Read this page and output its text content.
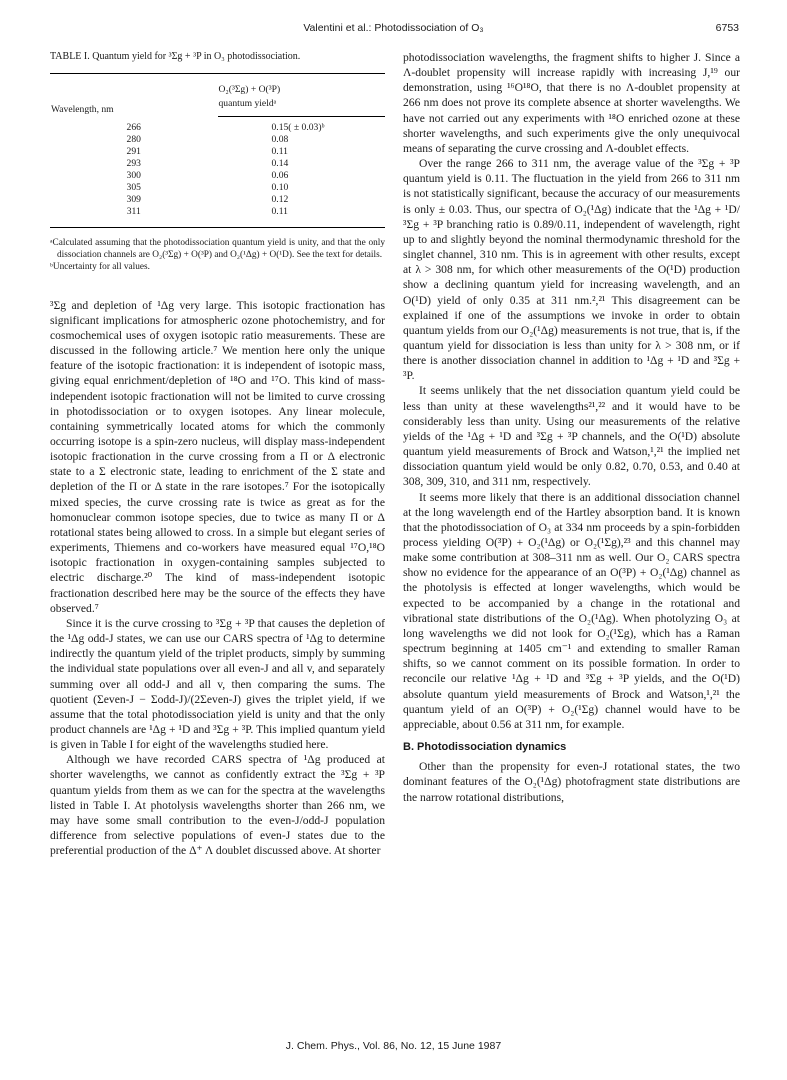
Valentini et al.: Photodissociation of O₃	6753
TABLE I. Quantum yield for ³Σg + ³P in O₃ photodissociation.
Wavelength, nm	O₂(³Σg) + O(³P)
	quantum yieldᵃ
266	0.15( ± 0.03)ᵇ
280	0.08
291	0.11
293	0.14
300	0.06
305	0.10
309	0.12
311	0.11
ᵃCalculated assuming that the photodissociation quantum yield is unity, and that the only dissociation channels are O₂(³Σg) + O(³P) and O₂(¹Δg) + O(¹D). See the text for details.
ᵇUncertainty for all values.

³Σg and depletion of ¹Δg very large. This isotopic fractionation has significant implications for atmospheric ozone photochemistry, and for cosmochemical uses of oxygen isotopic ratio measurements. These are discussed in the following article.⁷ We mention here only the unique feature of the isotopic fractionation: it is independent of isotopic mass, giving equal enrichment/depletion of ¹⁸O and ¹⁷O. This kind of mass-independent isotopic fractionation will not be limited to curve crossing in photodissociation or to oxygen isotopes. Any linear molecule, containing symmetrically located atoms for which the commonly occurring isotope is a spin-zero nucleus, will display mass-independent isotopic fractionation in the curve crossing from a Π or Δ electronic state to a Σ electronic state, leading to enrichment of the Σ state and depletion of the Π or Δ state in the rare isotopes.⁷ For the isotopically mixed species, the curve crossing rate is twice as great as for the homonuclear common isotope species, due to twice as many Π or Δ rotational states being allowed to cross. In a simple but elegant series of experiments, Thiemens and co-workers have measured equal ¹⁷O,¹⁸O isotopic fractionation in oxygen-containing samples subjected to electric discharge.²⁰ The kind of mass-independent isotopic fractionation described here may be the source of the effects they have observed.⁷

Since it is the curve crossing to ³Σg + ³P that causes the depletion of the ¹Δg odd-J states, we can use our CARS spectra of ¹Δg to determine indirectly the quantum yield of the triplet products, simply by summing the individual state populations over all even-J and all v, and separately summing over all odd-J and all v, then comparing the sums. The quotient (Σeven-J − Σodd-J)/(2Σeven-J) gives the triplet yield, if we assume that the total photodissociation yield is unity and that the only product channels are ¹Δg + ¹D and ³Σg + ³P. This implied quantum yield is given in Table I for eight of the wavelengths studied here.

Although we have recorded CARS spectra of ¹Δg produced at shorter wavelengths, we cannot as confidently extract the ³Σg + ³P quantum yields from them as we can for the spectra at the wavelengths listed in Table I. At photolysis wavelengths shorter than 266 nm, we may have some small contribution to the even-J/odd-J population difference from selective populations of even-J states due to the preferential production of the Δ⁺ Λ doublet discussed above. At shorter

photodissociation wavelengths, the fragment shifts to higher J. Since a Λ-doublet propensity will increase rapidly with increasing J,¹⁹ our demonstration, using ¹⁶O¹⁸O, that there is no Λ-doublet propensity at 266 nm does not prove its complete absence at shorter wavelengths. We have not carried out any experiments with ¹⁸O enriched ozone at these shorter wavelengths, and such experiments give the only unequivocal means of separating the curve crossing and Λ-doublet effects.

Over the range 266 to 311 nm, the average value of the ³Σg + ³P quantum yield is 0.11. The fluctuation in the yield from 266 to 311 nm is not statistically significant, because the accuracy of our measurements is only ± 0.03. Thus, our spectra of O₂(¹Δg) indicate that the ¹Δg + ¹D/³Σg + ³P branching ratio is 0.89/0.11, independent of wavelength, right up to and slightly beyond the nominal thermodynamic threshold for the singlet channel, 310 nm. This is in agreement with other results, except at λ > 308 nm, for which other measurements of the O(¹D) production show a declining quantum yield for increasing wavelength, and an O(¹D) yield of only 0.35 at 311 nm.²,²¹ This disagreement can be explained if one of the assumptions we invoke in order to obtain quantum yields from our O₂(¹Δg) measurements is not true, that is, if the quantum yield for dissociation is less than unity for λ > 308 nm, or if there is another dissociation channel in addition to ¹Δg + ¹D and ³Σg + ³P.

It seems unlikely that the net dissociation quantum yield could be less than unity at these wavelengths²¹,²² and it would have to be considerably less than unity. Using our measurements of the relative yields of the ¹Δg + ¹D and ³Σg + ³P channels, and the O(¹D) absolute quantum yield measurements of Brock and Watson,¹,²¹ the implied net dissociation quantum yield would be only 0.82, 0.70, 0.53, and 0.40 at 308, 309, 310, and 311 nm, respectively.

It seems more likely that there is an additional dissociation channel at the long wavelength end of the Hartley absorption band. It is known that the photodissociation of O₃ at 334 nm proceeds by a spin-forbidden process yielding O(³P) + O₂(¹Δg) or O₂(¹Σg),²³ and this channel may make some contribution at 308–311 nm as well. Our O₂ CARS spectra show no evidence for the appearance of an O(³P) + O₂(¹Δg) channel as the photolysis is effected at longer wavelengths, which would be expected to be accompanied by a change in the rotational and vibrational state distributions of the O₂(¹Δg). When photolyzing O₃ at long wavelengths we did not look for O₂(¹Σg), which has a Raman spectrum beginning at 1405 cm⁻¹ and extending to smaller Raman shifts, so we cannot comment on its possible formation. In order to reconcile our relative ¹Δg + ¹D and ³Σg + ³P yields, and the O(¹D) absolute quantum yield measurements of Brock and Watson,¹,²¹ the quantum yield of an O(³P) + O₂(¹Σg) channel would have to be appreciable, about 0.56 at 311 nm, for example.

B. Photodissociation dynamics

Other than the propensity for even-J rotational states, the two dominant features of the O₂(¹Δg) photofragment state distributions are the narrow rotational distributions,

J. Chem. Phys., Vol. 86, No. 12, 15 June 1987
